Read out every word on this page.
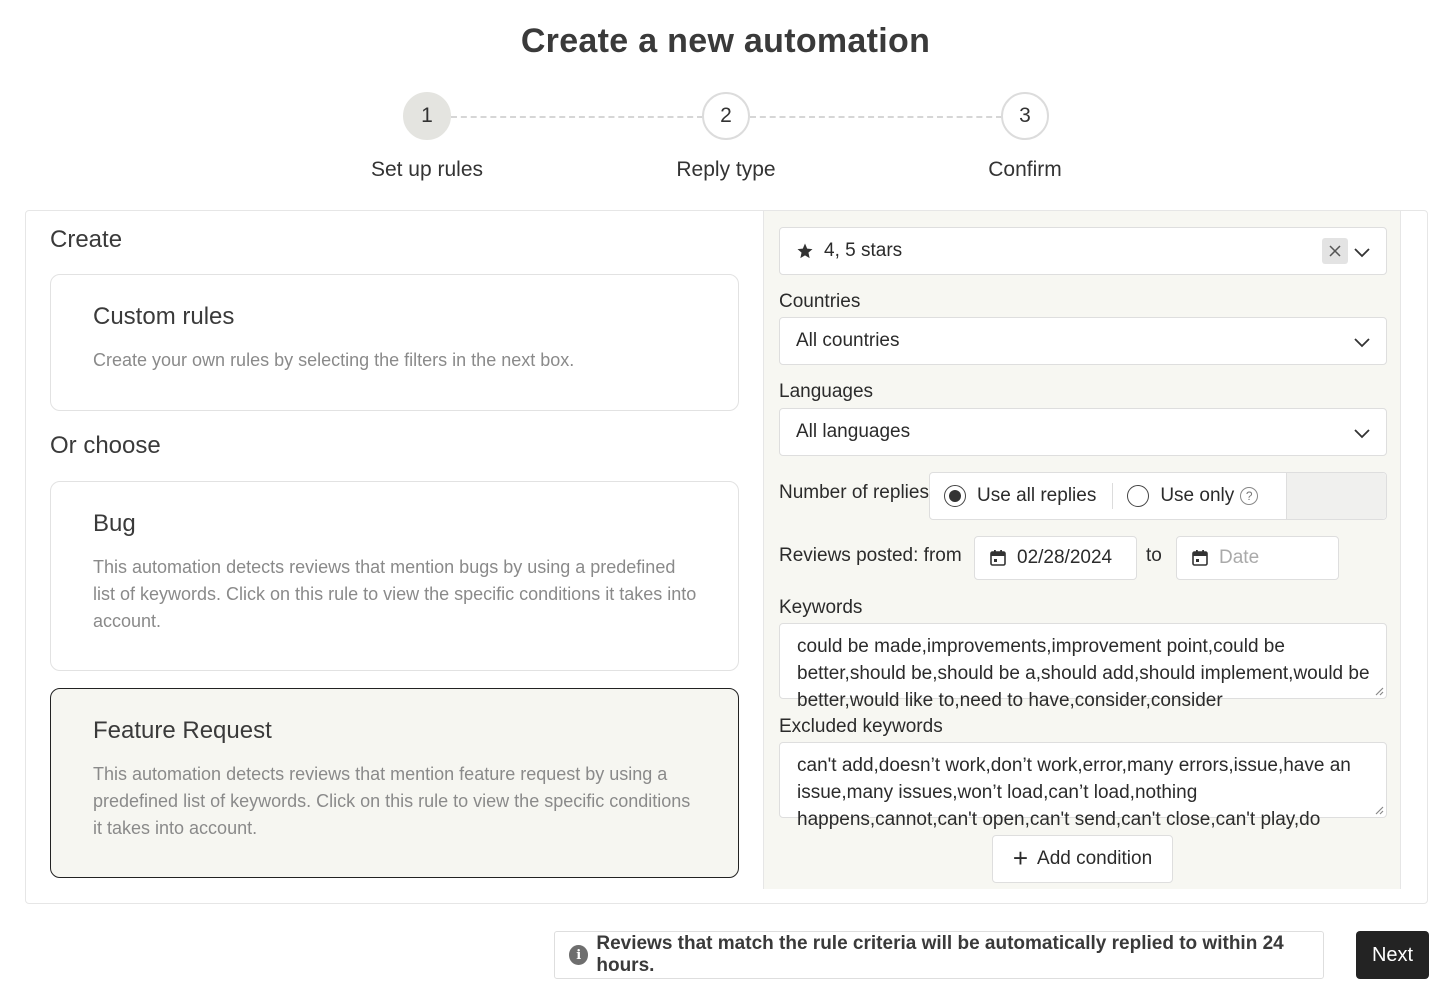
Create a new automation
1	2	3
Set up rules	Reply type	Confirm
Create
Custom rules
Create your own rules by selecting the filters in the next box.
Or choose
Bug
This automation detects reviews that mention bugs by using a predefined list of keywords. Click on this rule to view the specific conditions it takes into account.
Feature Request
This automation detects reviews that mention feature request by using a predefined list of keywords. Click on this rule to view the specific conditions it takes into account.
4, 5 stars
Countries
All countries
Languages
All languages
Number of replies	Use all replies	Use only ?
Reviews posted: from	02/28/2024 to	Date
Keywords
could be made,improvements,improvement point,could be better,should be,should be a,should add,should implement,would be better,would like to,need to have,consider,consider
Excluded keywords
can't add,doesn’t work,don’t work,error,many errors,issue,have an issue,many issues,won’t load,can’t load,nothing happens,cannot,can't open,can't send,can't close,can't play,do
+ Add condition
i
Reviews that match the rule criteria will be automatically replied to within 24 hours.	Next
